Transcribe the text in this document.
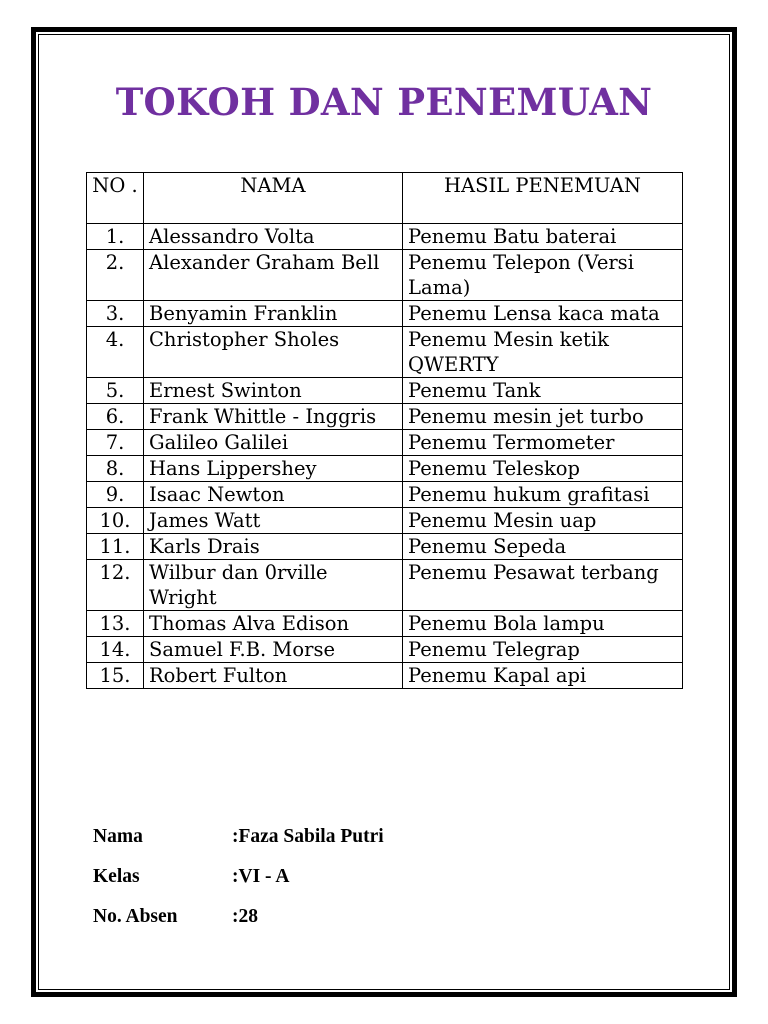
TOKOH DAN PENEMUAN
NO .	NAMA	HASIL PENEMUAN
1.	Alessandro Volta	Penemu Batu baterai
2.	Alexander Graham Bell	Penemu Telepon (Versi Lama)
3.	Benyamin Franklin	Penemu Lensa kaca mata
4.	Christopher Sholes	Penemu Mesin ketik QWERTY
5.	Ernest Swinton	Penemu Tank
6.	Frank Whittle - Inggris	Penemu mesin jet turbo
7.	Galileo Galilei	Penemu Termometer
8.	Hans Lippershey	Penemu Teleskop
9.	Isaac Newton	Penemu hukum grafitasi
10.	James Watt	Penemu Mesin uap
11.	Karls Drais	Penemu Sepeda
12.	Wilbur dan 0rville Wright	Penemu Pesawat terbang
13.	Thomas Alva Edison	Penemu Bola lampu
14.	Samuel F.B. Morse	Penemu Telegrap
15.	Robert Fulton	Penemu Kapal api
Nama	:Faza Sabila Putri
Kelas	:VI - A
No. Absen	:28
